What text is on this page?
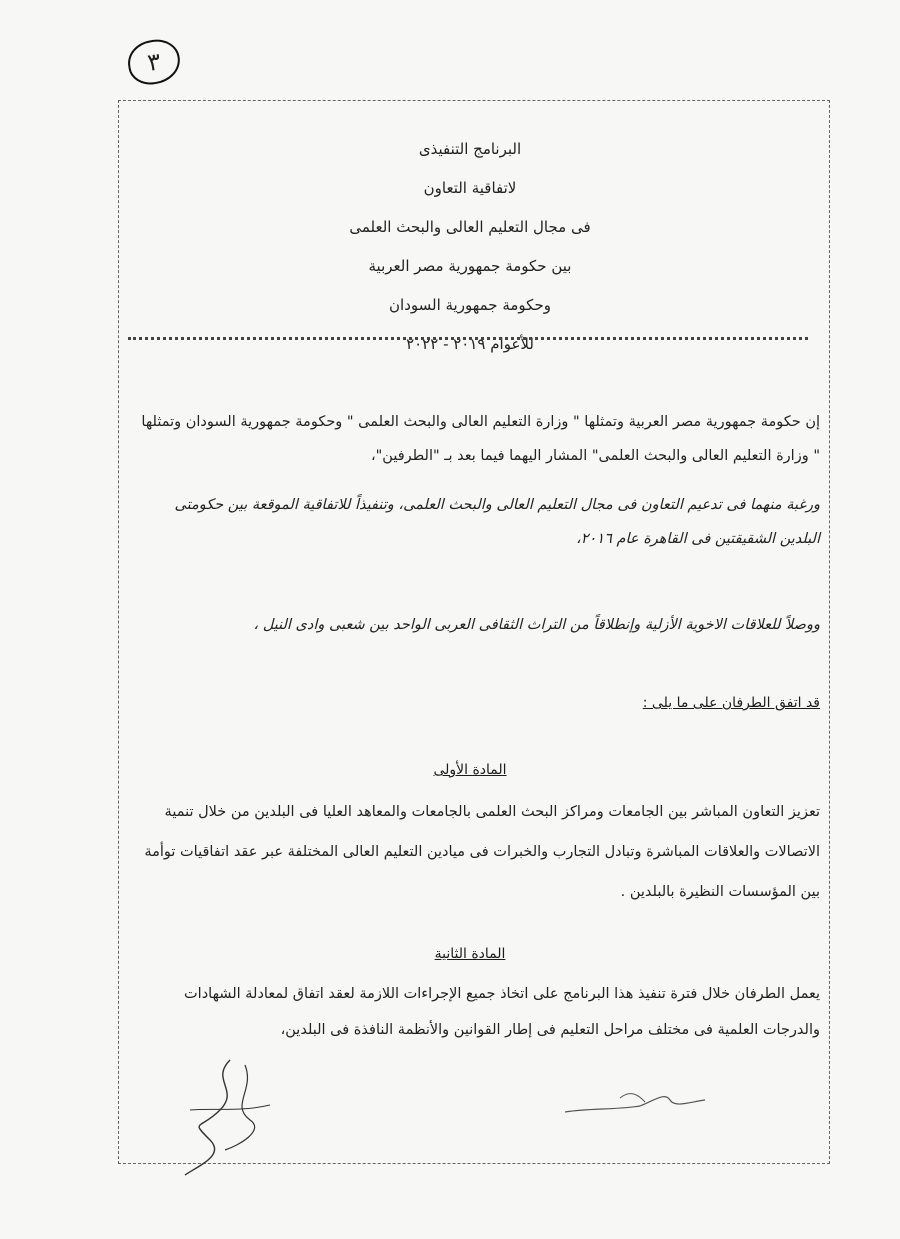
٣
البرنامج التنفيذى
لاتفاقية التعاون
فى مجال التعليم العالى والبحث العلمى
بين حكومة جمهورية مصر العربية
وحكومة جمهورية السودان
للأعوام ٢٠١٩ - ٢٠٢٢
إن حكومة جمهورية مصر العربية وتمثلها " وزارة التعليم العالى والبحث العلمى " وحكومة جمهورية السودان وتمثلها " وزارة التعليم العالى والبحث العلمى" المشار اليهما فيما بعد بـ "الطرفين"،
ورغبة منهما فى تدعيم التعاون فى مجال التعليم العالى والبحث العلمى، وتنفيذاً للاتفاقية الموقعة بين حكومتى البلدين الشقيقتين فى القاهرة عام ٢٠١٦،
ووصلاً للعلاقات الاخوية الأزلية وإنطلاقاً من التراث الثقافى العربى الواحد بين شعبى وادى النيل ،
قد اتفق الطرفان على ما يلى :
المادة الأولى
تعزيز التعاون المباشر بين الجامعات ومراكز البحث العلمى بالجامعات والمعاهد العليا فى البلدين من خلال تنمية الاتصالات والعلاقات المباشرة وتبادل التجارب والخبرات فى ميادين التعليم العالى المختلفة عبر عقد اتفاقيات توأمة بين المؤسسات النظيرة بالبلدين .
المادة الثانية
يعمل الطرفان خلال فترة تنفيذ هذا البرنامج على اتخاذ جميع الإجراءات اللازمة لعقد اتفاق لمعادلة الشهادات والدرجات العلمية فى مختلف مراحل التعليم فى إطار القوانين والأنظمة النافذة فى البلدين،
